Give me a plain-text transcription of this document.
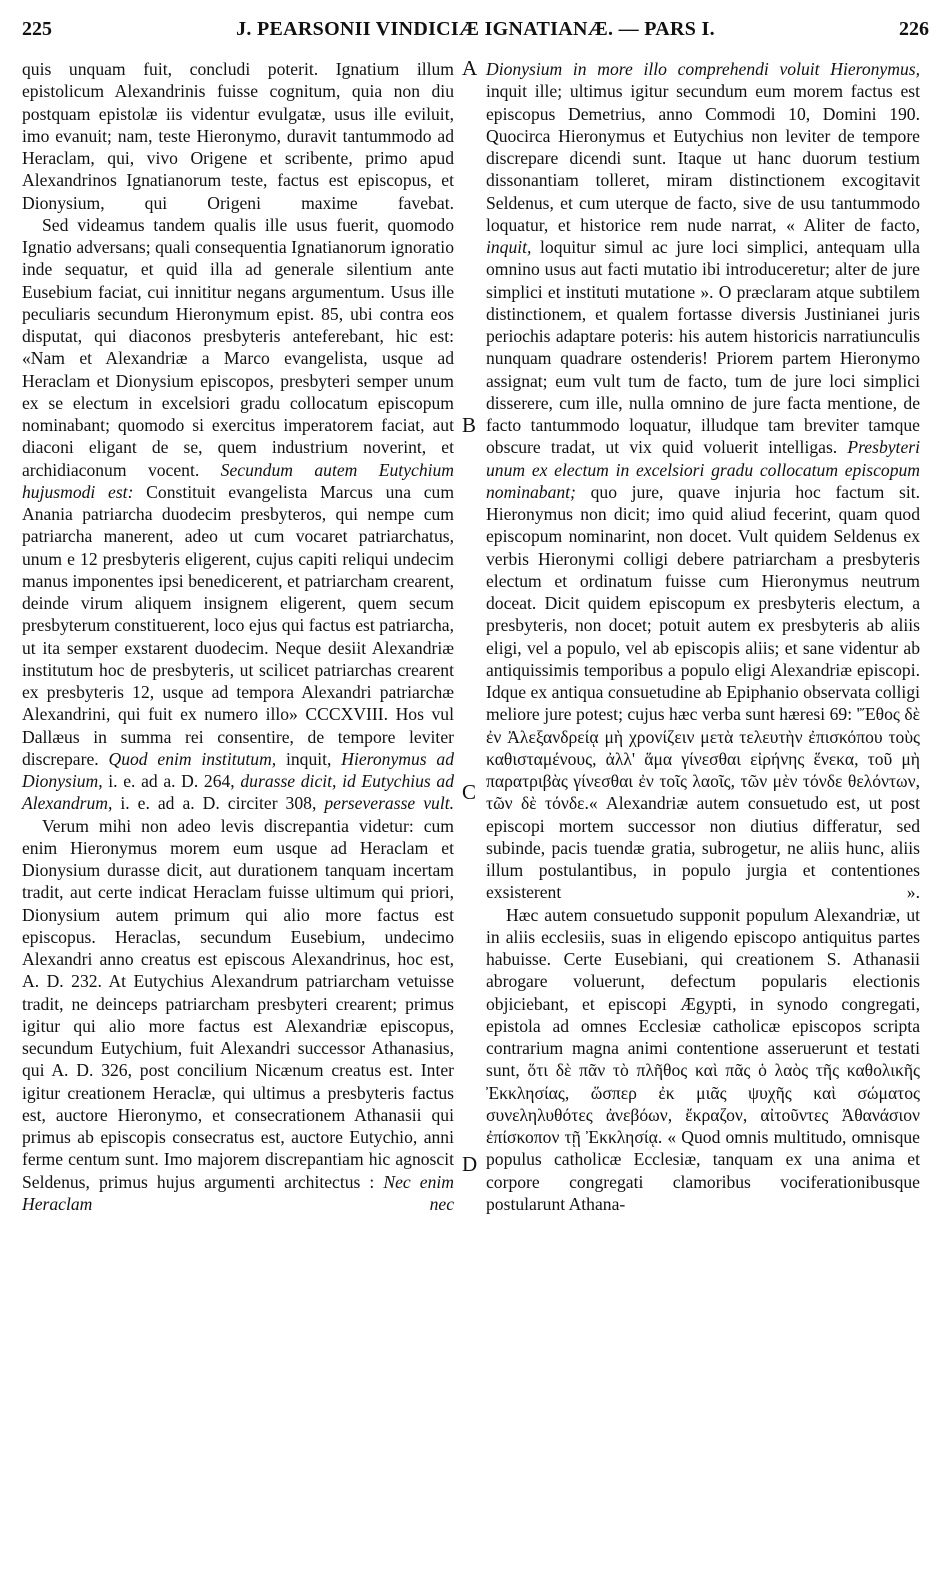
225	J. PEARSONII VINDICIÆ IGNATIANÆ. — PARS I.	226
A
B
C
D

quis unquam fuit, concludi poterit. Ignatium illum epistolicum Alexandrinis fuisse cognitum, quia non diu postquam epistolæ iis videntur evulgatæ, usus ille eviluit, imo evanuit; nam, teste Hieronymo, duravit tantummodo ad Heraclam, qui, vivo Origene et scribente, primo apud Alexandrinos Ignatianorum teste, factus est episcopus, et Dionysium, qui Origeni maxime favebat.

Sed videamus tandem qualis ille usus fuerit, quomodo Ignatio adversans; quali consequentia Ignatianorum ignoratio inde sequatur, et quid illa ad generale silentium ante Eusebium faciat, cui innititur negans argumentum. Usus ille peculiaris secundum Hieronymum epist. 85, ubi contra eos disputat, qui diaconos presbyteris anteferebant, hic est: «Nam et Alexandriæ a Marco evangelista, usque ad Heraclam et Dionysium episcopos, presbyteri semper unum ex se electum in excelsiori gradu collocatum episcopum nominabant; quomodo si exercitus imperatorem faciat, aut diaconi eligant de se, quem industrium noverint, et archidiaconum vocent. Secundum autem Eutychium hujusmodi est: Constituit evangelista Marcus una cum Anania patriarcha duodecim presbyteros, qui nempe cum patriarcha manerent, adeo ut cum vocaret patriarchatus, unum e 12 presbyteris eligerent, cujus capiti reliqui undecim manus imponentes ipsi benedicerent, et patriarcham crearent, deinde virum aliquem insignem eligerent, quem secum presbyterum constituerent, loco ejus qui factus est patriarcha, ut ita semper exstarent duodecim. Neque desiit Alexandriæ institutum hoc de presbyteris, ut scilicet patriarchas crearent ex presbyteris 12, usque ad tempora Alexandri patriarchæ Alexandrini, qui fuit ex numero illo» CCCXVIII. Hos vul Dallæus in summa rei consentire, de tempore leviter discrepare. Quod enim institutum, inquit, Hieronymus ad Dionysium, i. e. ad a. D. 264, durasse dicit, id Eutychius ad Alexandrum, i. e. ad a. D. circiter 308, perseverasse vult.

Verum mihi non adeo levis discrepantia videtur: cum enim Hieronymus morem eum usque ad Heraclam et Dionysium durasse dicit, aut durationem tanquam incertam tradit, aut certe indicat Heraclam fuisse ultimum qui priori, Dionysium autem primum qui alio more factus est episcopus. Heraclas, secundum Eusebium, undecimo Alexandri anno creatus est episcous Alexandrinus, hoc est, A. D. 232. At Eutychius Alexandrum patriarcham vetuisse tradit, ne deinceps patriarcham presbyteri crearent; primus igitur qui alio more factus est Alexandriæ episcopus, secundum Eutychium, fuit Alexandri successor Athanasius, qui A. D. 326, post concilium Nicænum creatus est. Inter igitur creationem Heraclæ, qui ultimus a presbyteris factus est, auctore Hieronymo, et consecrationem Athanasii qui primus ab episcopis consecratus est, auctore Eutychio, anni ferme centum sunt. Imo majorem discrepantiam hic agnoscit Seldenus, primus hujus argumenti architectus : Nec enim Heraclam nec

Dionysium in more illo comprehendi voluit Hieronymus, inquit ille; ultimus igitur secundum eum morem factus est episcopus Demetrius, anno Commodi 10, Domini 190. Quocirca Hieronymus et Eutychius non leviter de tempore discrepare dicendi sunt. Itaque ut hanc duorum testium dissonantiam tolleret, miram distinctionem excogitavit Seldenus, et cum uterque de facto, sive de usu tantummodo loquatur, et historice rem nude narrat, « Aliter de facto, inquit, loquitur simul ac jure loci simplici, antequam ulla omnino usus aut facti mutatio ibi introduceretur; alter de jure simplici et instituti mutatione ». O præclaram atque subtilem distinctionem, et qualem fortasse diversis Justinianei juris periochis adaptare poteris: his autem historicis narratiunculis nunquam quadrare ostenderis! Priorem partem Hieronymo assignat; eum vult tum de facto, tum de jure loci simplici disserere, cum ille, nulla omnino de jure facta mentione, de facto tantummodo loquatur, illudque tam breviter tamque obscure tradat, ut vix quid voluerit intelligas. Presbyteri unum ex electum in excelsiori gradu collocatum episcopum nominabant; quo jure, quave injuria hoc factum sit. Hieronymus non dicit; imo quid aliud fecerint, quam quod episcopum nominarint, non docet. Vult quidem Seldenus ex verbis Hieronymi colligi debere patriarcham a presbyteris electum et ordinatum fuisse cum Hieronymus neutrum doceat. Dicit quidem episcopum ex presbyteris electum, a presbyteris, non docet; potuit autem ex presbyteris ab aliis eligi, vel a populo, vel ab episcopis aliis; et sane videntur ab antiquissimis temporibus a populo eligi Alexandriæ episcopi. Idque ex antiqua consuetudine ab Epiphanio observata colligi meliore jure potest; cujus hæc verba sunt hæresi 69: 'Ἔθος δὲ ἐν Ἀλεξανδρείᾳ μὴ χρονίζειν μετὰ τελευτὴν ἐπισκόπου τοὺς καθισταμένους, ἀλλ' ἅμα γίνεσθαι εἰρήνης ἕνεκα, τοῦ μὴ παρατριβὰς γίνεσθαι ἐν τοῖς λαοῖς, τῶν μὲν τόνδε θελόντων, τῶν δὲ τόνδε.« Alexandriæ autem consuetudo est, ut post episcopi mortem successor non diutius differatur, sed subinde, pacis tuendæ gratia, subrogetur, ne aliis hunc, aliis illum postulantibus, in populo jurgia et contentiones exsisterent ».

Hæc autem consuetudo supponit populum Alexandriæ, ut in aliis ecclesiis, suas in eligendo episcopo antiquitus partes habuisse. Certe Eusebiani, qui creationem S. Athanasii abrogare voluerunt, defectum popularis electionis objiciebant, et episcopi Ægypti, in synodo congregati, epistola ad omnes Ecclesiæ catholicæ episcopos scripta contrarium magna animi contentione asseruerunt et testati sunt, ὅτι δὲ πᾶν τὸ πλῆθος καὶ πᾶς ὁ λαὸς τῆς καθολικῆς Ἐκκλησίας, ὥσπερ ἐκ μιᾶς ψυχῆς καὶ σώματος συνεληλυθότες ἀνεβόων, ἔκραζον, αἰτοῦντες Ἀθανάσιον ἐπίσκοπον τῇ Ἐκκλησίᾳ. « Quod omnis multitudo, omnisque populus catholicæ Ecclesiæ, tanquam ex una anima et corpore congregati clamoribus vociferationibusque postularunt Athana-
